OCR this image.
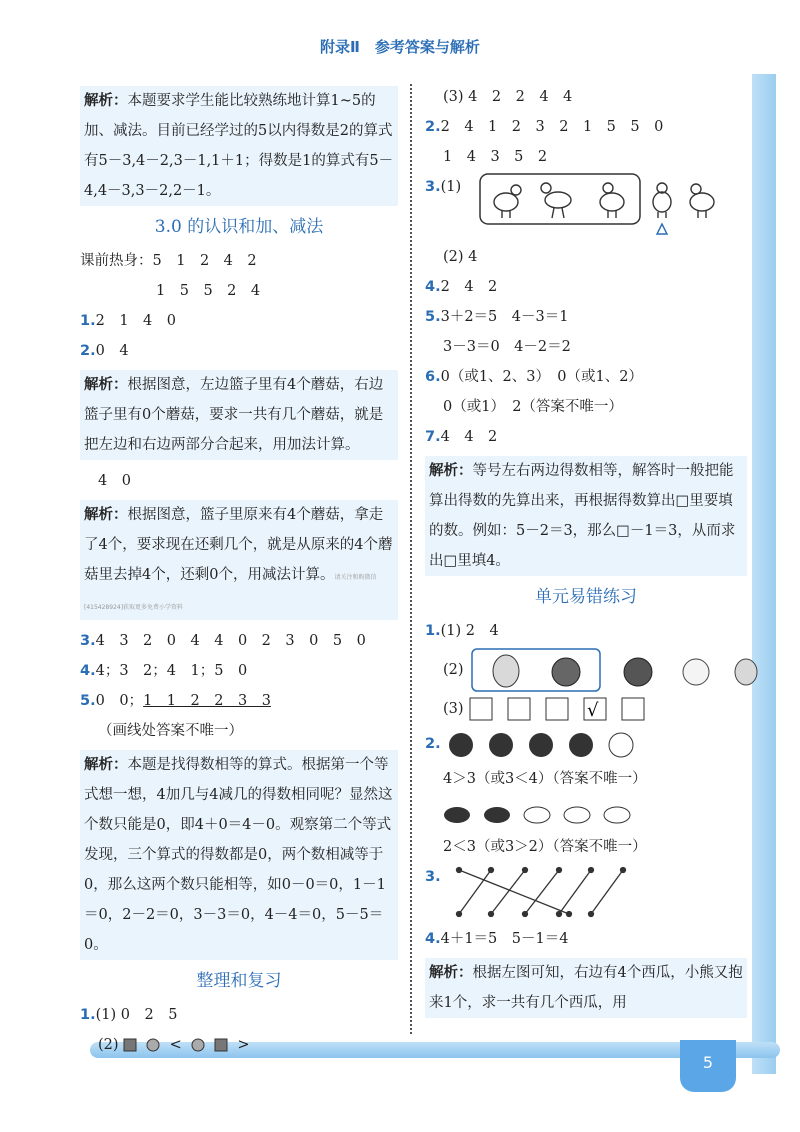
附录Ⅱ　参考答案与解析
5
解析：本题要求学生能比较熟练地计算1~5的加、减法。目前已经学过的5以内得数是2的算式有5－3,4－2,3－1,1＋1；得数是1的算式有5－4,4－3,3－2,2－1。
3.0 的认识和加、减法
课前热身：5　1　2　4　2
1　5　5　2　4
1.2　1　4　0
2.0　4
解析：根据图意，左边篮子里有4个蘑菇，右边篮子里有0个蘑菇，要求一共有几个蘑菇，就是把左边和右边两部分合起来，用加法计算。
4　0
解析：根据图意，篮子里原来有4个蘑菇，拿走了4个，要求现在还剩几个，就是从原来的4个蘑菇里去掉4个，还剩0个，用减法计算。请关注和购微信[415428924]获取更多免费小学资料
3.4　3　2　0　4　4　0　2　3　0　5　0
4.4；3　2；4　1；5　0
5.0　0；1　1　2　2　3　3
（画线处答案不唯一）
解析：本题是找得数相等的算式。根据第一个等式想一想，4加几与4减几的得数相同呢？显然这个数只能是0，即4＋0＝4－0。观察第二个等式发现，三个算式的得数都是0，两个数相减等于0，那么这两个数只能相等，如0－0＝0，1－1＝0，2－2＝0，3－3＝0，4－4＝0，5－5＝0。
整理和复习
1.(1) 0　2　5
(2)	<	>
(3) 4　2　2　4　4
2.2　4　1　2　3　2　1　5　5　0
1　4　3　5　2
3.(1)
(2) 4
4.2　4　2
5.3＋2＝5　4－3＝1
3－3＝0　4－2＝2
6.0（或1、2、3）　0（或1、2）
0（或1）　2（答案不唯一）
7.4　4　2
解析：等号左右两边得数相等，解答时一般把能算出得数的先算出来，再根据得数算出□里要填的数。例如：5－2＝3，那么□－1＝3，从而求出□里填4。
单元易错练习
1.(1) 2　4
(2)
(3)	√
2.
4＞3（或3＜4）（答案不唯一）
2＜3（或3＞2）（答案不唯一）
3.
4.4＋1＝5　5－1＝4
解析：根据左图可知，右边有4个西瓜，小熊又抱来1个，求一共有几个西瓜，用
